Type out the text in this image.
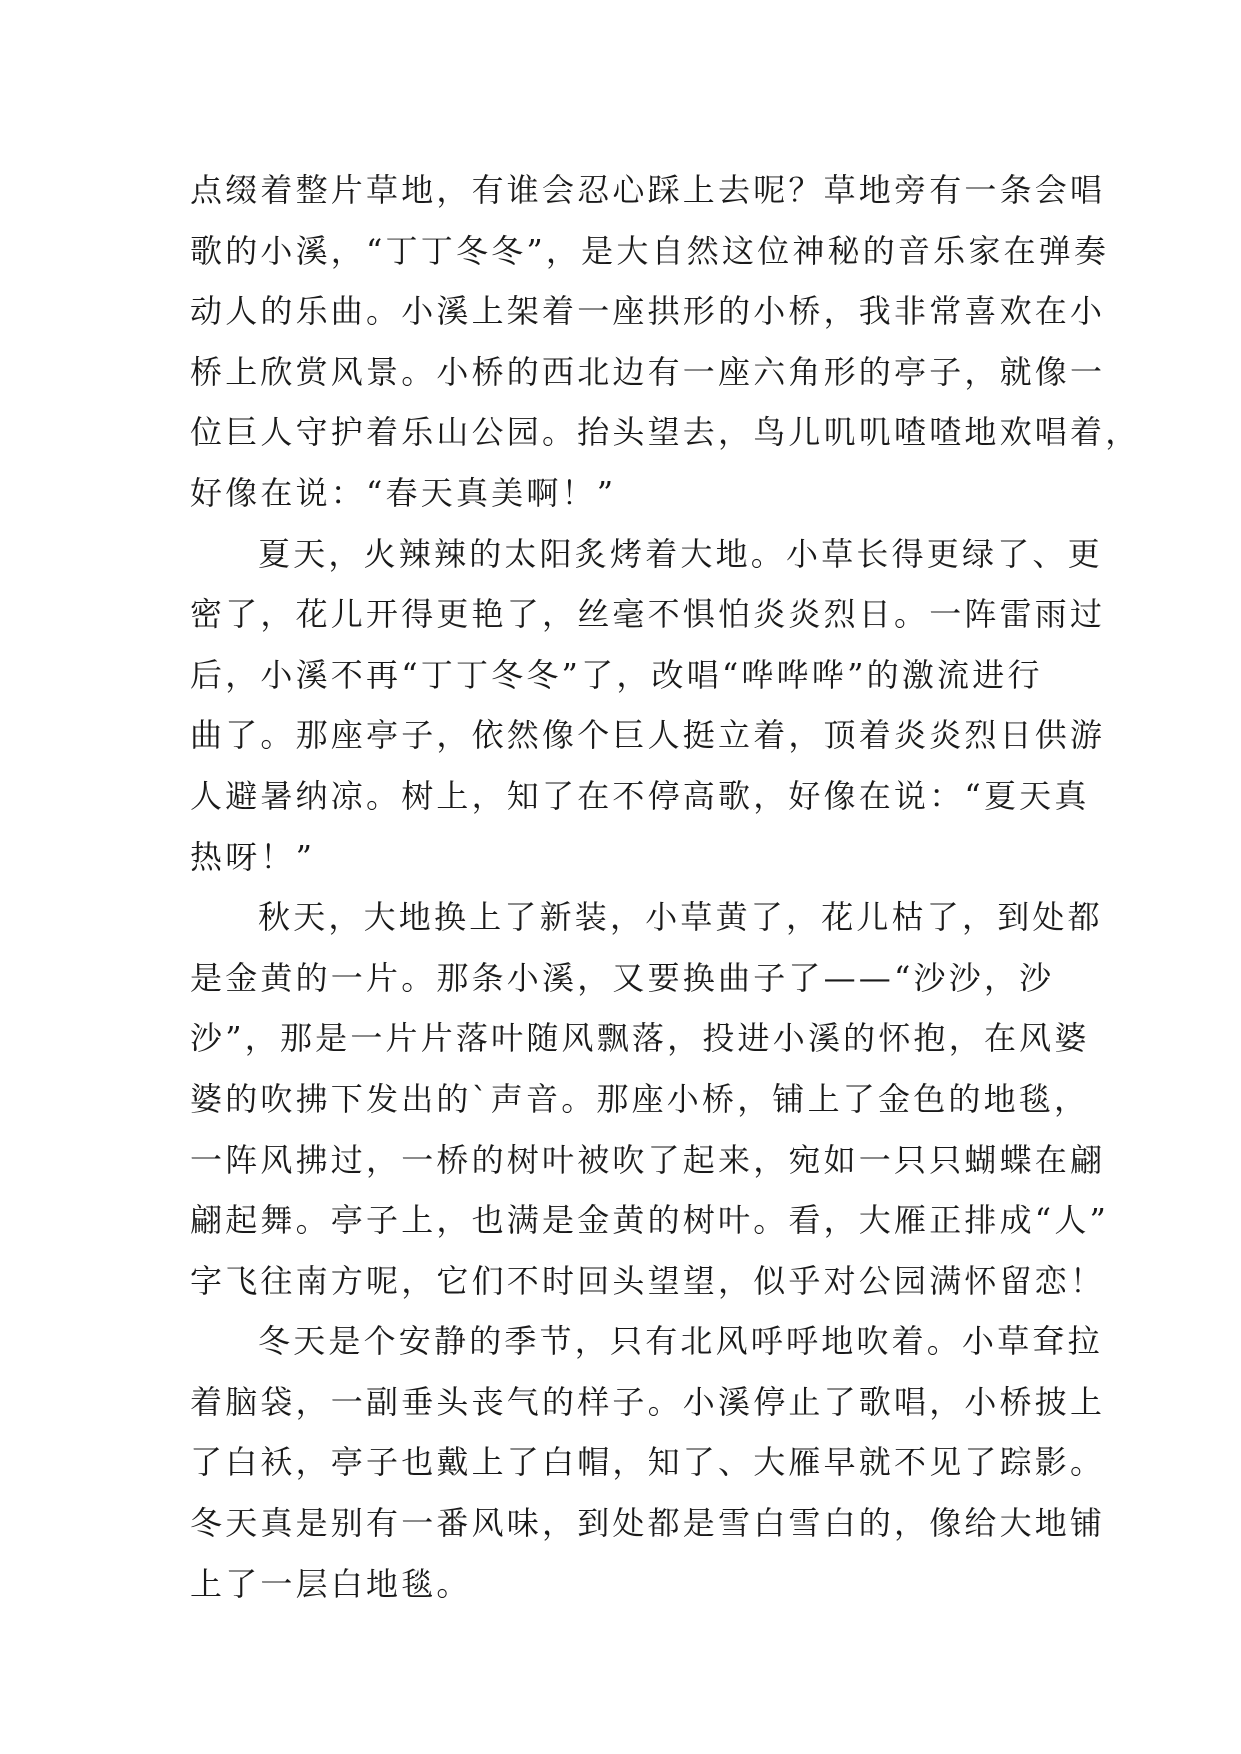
点缀着整片草地，有谁会忍心踩上去呢？草地旁有一条会唱
歌的小溪，“丁丁冬冬”，是大自然这位神秘的音乐家在弹奏
动人的乐曲。小溪上架着一座拱形的小桥，我非常喜欢在小
桥上欣赏风景。小桥的西北边有一座六角形的亭子，就像一
位巨人守护着乐山公园。抬头望去，鸟儿叽叽喳喳地欢唱着，
好像在说：“春天真美啊！”
夏天，火辣辣的太阳炙烤着大地。小草长得更绿了、更
密了，花儿开得更艳了，丝毫不惧怕炎炎烈日。一阵雷雨过
后，小溪不再“丁丁冬冬”了，改唱“哗哗哗”的激流进行
曲了。那座亭子，依然像个巨人挺立着，顶着炎炎烈日供游
人避暑纳凉。树上，知了在不停高歌，好像在说：“夏天真
热呀！”
秋天，大地换上了新装，小草黄了，花儿枯了，到处都
是金黄的一片。那条小溪，又要换曲子了——“沙沙，沙
沙”，那是一片片落叶随风飘落，投进小溪的怀抱，在风婆
婆的吹拂下发出的`声音。那座小桥，铺上了金色的地毯，
一阵风拂过，一桥的树叶被吹了起来，宛如一只只蝴蝶在翩
翩起舞。亭子上，也满是金黄的树叶。看，大雁正排成“人”
字飞往南方呢，它们不时回头望望，似乎对公园满怀留恋！
冬天是个安静的季节，只有北风呼呼地吹着。小草耷拉
着脑袋，一副垂头丧气的样子。小溪停止了歌唱，小桥披上
了白袄，亭子也戴上了白帽，知了、大雁早就不见了踪影。
冬天真是别有一番风味，到处都是雪白雪白的，像给大地铺
上了一层白地毯。
